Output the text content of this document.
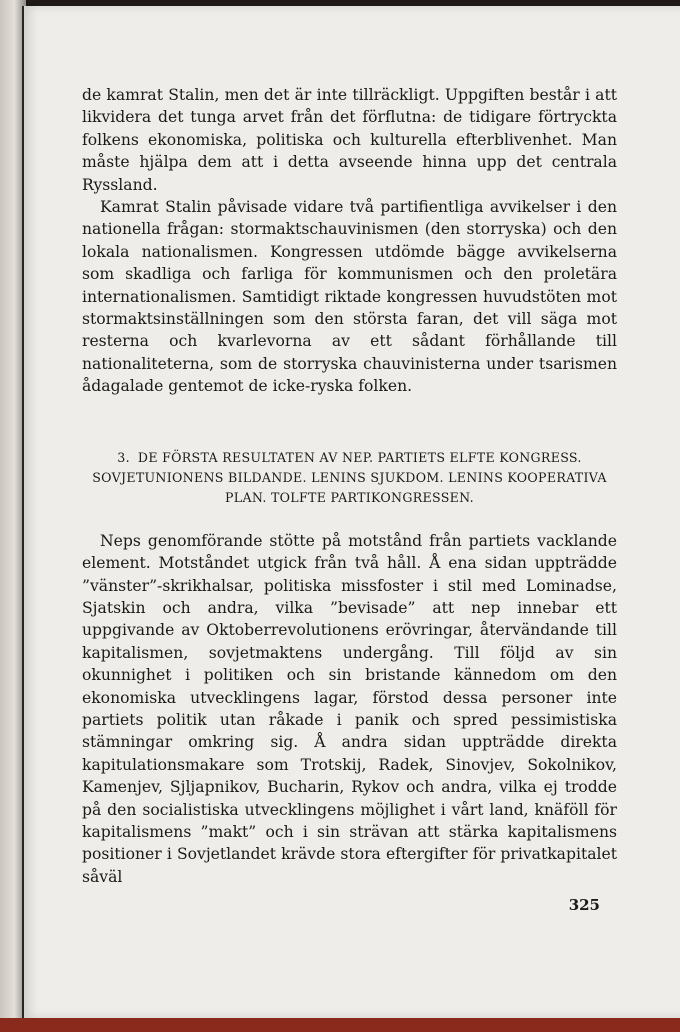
de kamrat Stalin, men det är inte tillräckligt. Uppgiften består i att likvidera det tunga arvet från det förflutna: de tidigare förtryckta folkens ekonomiska, politiska och kulturella efterblivenhet. Man måste hjälpa dem att i detta avseende hinna upp det centrala Ryssland.

Kamrat Stalin påvisade vidare två partifientliga avvikelser i den nationella frågan: stormaktschauvinismen (den storryska) och den lokala nationalismen. Kongressen utdömde bägge avvikelserna som skadliga och farliga för kommunismen och den proletära internationalismen. Samtidigt riktade kongressen huvudstöten mot stormaktsinställningen som den största faran, det vill säga mot resterna och kvarlevorna av ett sådant förhållande till nationaliteterna, som de storryska chauvinisterna under tsarismen ådagalade gentemot de icke-ryska folken.

3. DE FÖRSTA RESULTATEN AV NEP. PARTIETS ELFTE KONGRESS. SOVJETUNIONENS BILDANDE. LENINS SJUKDOM. LENINS KOOPERATIVA PLAN. TOLFTE PARTIKONGRESSEN.

Neps genomförande stötte på motstånd från partiets vacklande element. Motståndet utgick från två håll. Å ena sidan uppträdde ”vänster”-skrikhalsar, politiska missfoster i stil med Lominadse, Sjatskin och andra, vilka ”bevisade” att nep innebar ett uppgivande av Oktoberrevolutionens erövringar, återvändande till kapitalismen, sovjetmaktens undergång. Till följd av sin okunnighet i politiken och sin bristande kännedom om den ekonomiska utvecklingens lagar, förstod dessa personer inte partiets politik utan råkade i panik och spred pessimistiska stämningar omkring sig. Å andra sidan uppträdde direkta kapitulationsmakare som Trotskij, Radek, Sinovjev, Sokolnikov, Kamenjev, Sjljapnikov, Bucharin, Rykov och andra, vilka ej trodde på den socialistiska utvecklingens möjlighet i vårt land, knäföll för kapitalismens ”makt” och i sin strävan att stärka kapitalismens positioner i Sovjetlandet krävde stora eftergifter för privatkapitalet såväl

325
